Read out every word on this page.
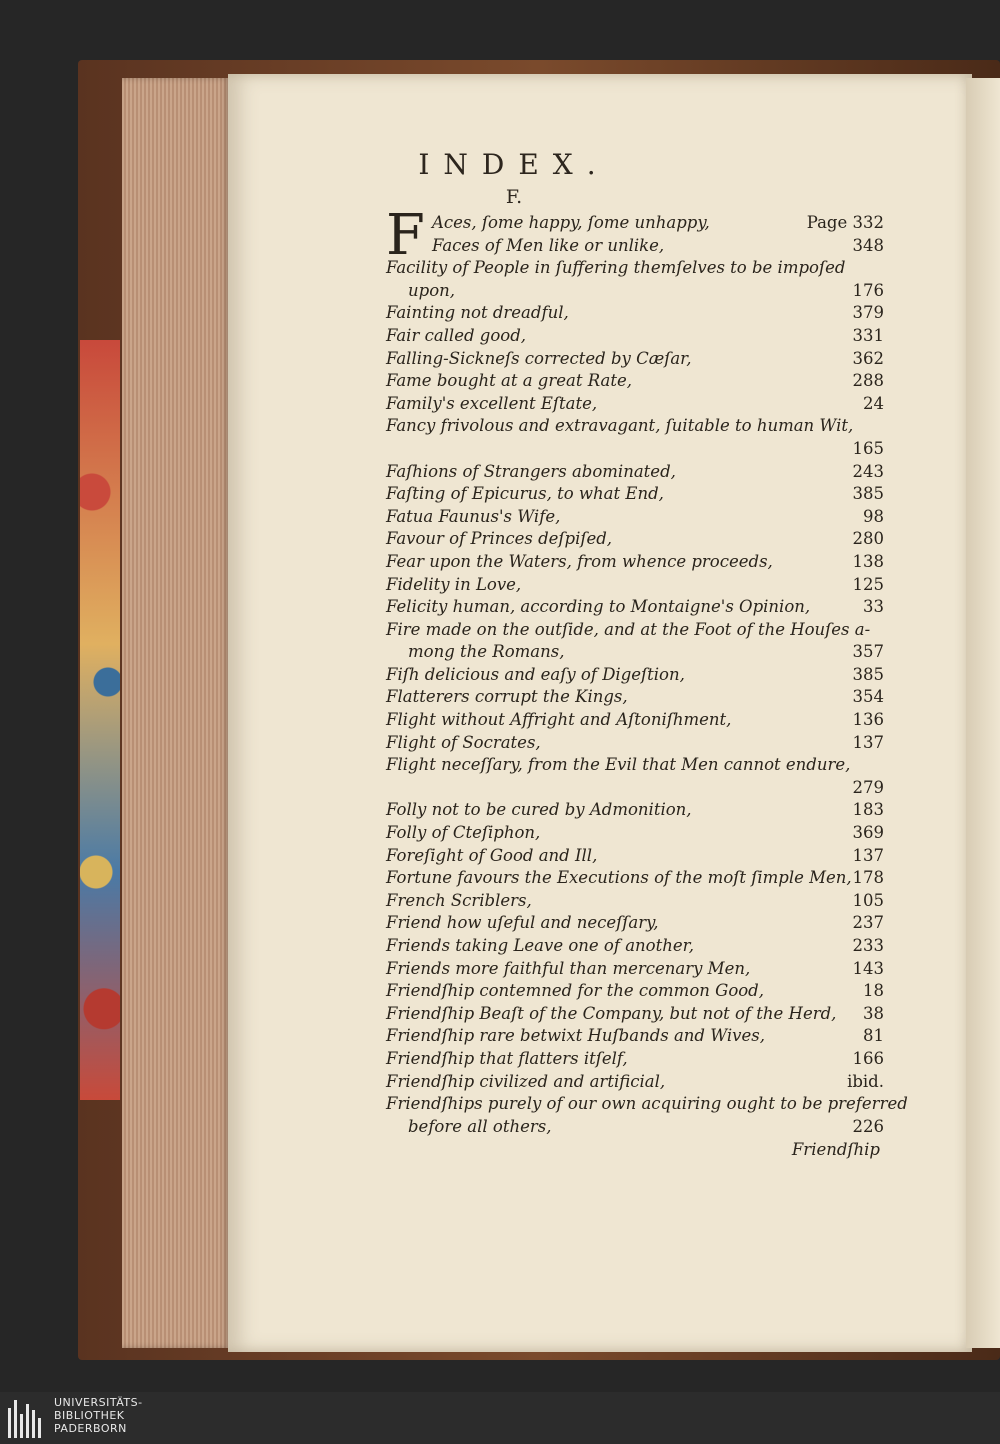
INDEX.
F.
F Aces, ſome happy, ſome unhappy,	Page 332
Faces of Men like or unlike,	348
Facility of People in ſuffering themſelves to be impoſed
upon,	176
Fainting not dreadful,	379
Fair called good,	331
Falling-Sickneſs corrected by Cæſar,	362
Fame bought at a great Rate,	288
Family's excellent Eſtate,	24
Fancy frivolous and extravagant, ſuitable to human Wit,
165
Faſhions of Strangers abominated,	243
Faſting of Epicurus, to what End,	385
Fatua Faunus's Wife,	98
Favour of Princes deſpiſed,	280
Fear upon the Waters, from whence proceeds,	138
Fidelity in Love,	125
Felicity human, according to Montaigne's Opinion,	33
Fire made on the outſide, and at the Foot of the Houſes a-
mong the Romans,	357
Fiſh delicious and eaſy of Digeſtion,	385
Flatterers corrupt the Kings,	354
Flight without Affright and Aſtoniſhment,	136
Flight of Socrates,	137
Flight neceſſary, from the Evil that Men cannot endure,
279
Folly not to be cured by Admonition,	183
Folly of Cteſiphon,	369
Foreſight of Good and Ill,	137
Fortune favours the Executions of the moſt ſimple Men, 178
French Scriblers,	105
Friend how uſeful and neceſſary,	237
Friends taking Leave one of another,	233
Friends more faithful than mercenary Men,	143
Friendſhip contemned for the common Good,	18
Friendſhip Beaſt of the Company, but not of the Herd, 38
Friendſhip rare betwixt Huſbands and Wives,	81
Friendſhip that flatters itſelf,	166
Friendſhip civilized and artificial,	ibid.
Friendſhips purely of our own acquiring ought to be preferred
before all others,	226
Friendſhip
UNIVERSITÄTS-
BIBLIOTHEK
PADERBORN
